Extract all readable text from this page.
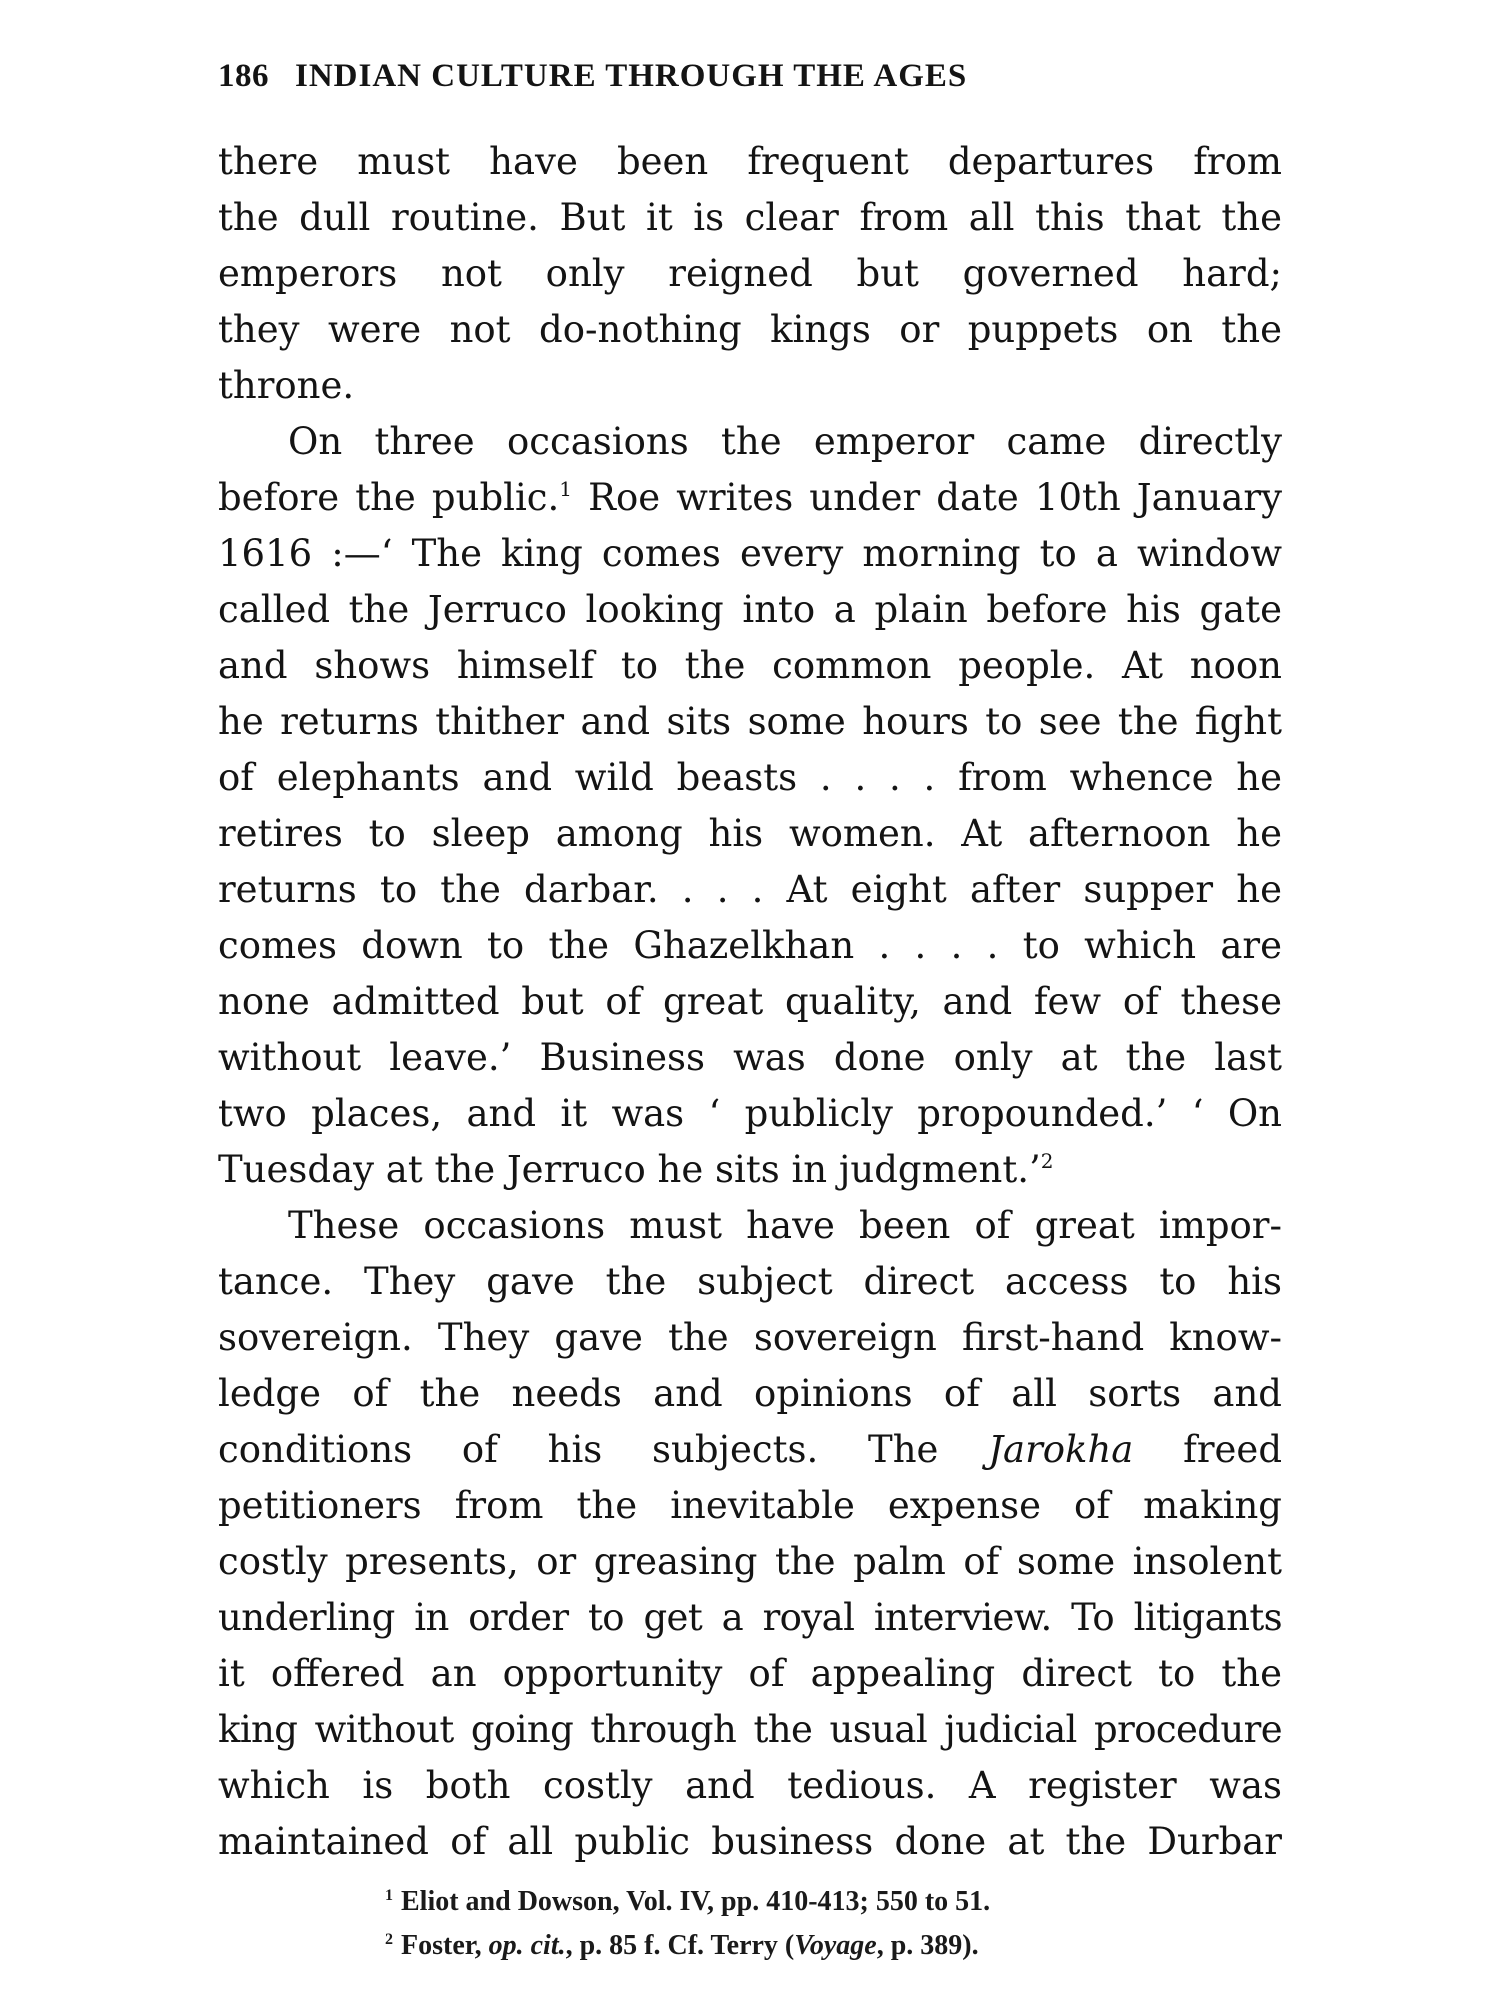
186 INDIAN CULTURE THROUGH THE AGES
there must have been frequent departures from
the dull routine. But it is clear from all this that the
emperors not only reigned but governed hard;
they were not do-nothing kings or puppets on the
throne.
On three occasions the emperor came directly
before the public.$^1$ Roe writes under date 10th January
1616 :—‘ The king comes every morning to a window
called the Jerruco looking into a plain before his gate
and shows himself to the common people. At noon
he returns thither and sits some hours to see the fight
of elephants and wild beasts . . . . from whence he
retires to sleep among his women. At afternoon he
returns to the darbar. . . . At eight after supper he
comes down to the Ghazelkhan . . . . to which are
none admitted but of great quality, and few of these
without leave.’ Business was done only at the last
two places, and it was ‘ publicly propounded.’ ‘ On
Tuesday at the Jerruco he sits in judgment.’$^2$
These occasions must have been of great impor-
tance. They gave the subject direct access to his
sovereign. They gave the sovereign first-hand know-
ledge of the needs and opinions of all sorts and
conditions of his subjects. The Jarokha freed
petitioners from the inevitable expense of making
costly presents, or greasing the palm of some insolent
underling in order to get a royal interview. To litigants
it offered an opportunity of appealing direct to the
king without going through the usual judicial procedure
which is both costly and tedious. A register was
maintained of all public business done at the Durbar
$^1$ Eliot and Dowson, Vol. IV, pp. 410-413; 550 to 51.
$^2$ Foster, op. cit., p. 85 f. Cf. Terry (Voyage, p. 389).
